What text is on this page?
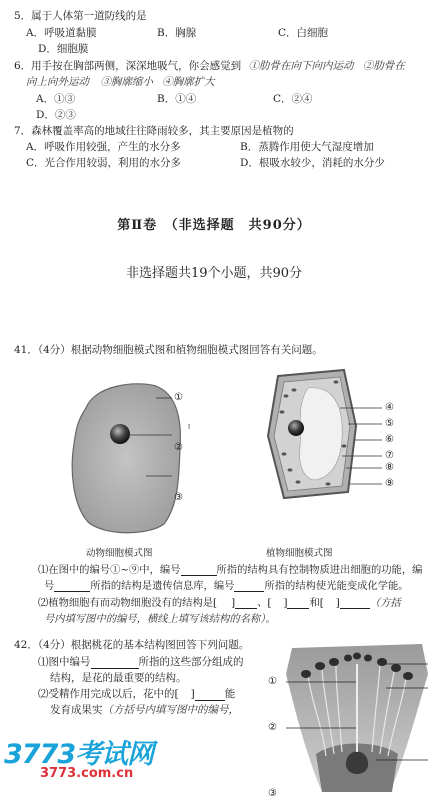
5．属于人体第一道防线的是
A．呼吸道黏膜	B．胸腺	C．白细胞
D．细胞膜
6．用手按在胸部两侧，深深地吸气，你会感觉到 ①肋骨在向下向内运动 ②肋骨在
向上向外运动 ③胸廓缩小 ④胸廓扩大
A．①③	B．①④	C．②④
D．②③
7．森林覆盖率高的地域往往降雨较多，其主要原因是植物的
A．呼吸作用较强，产生的水分多	B．蒸腾作用使大气湿度增加
C．光合作用较弱，利用的水分多	D．根吸水较少，消耗的水分少
第Ⅱ卷　（非选择题　共90分）
非选择题共19个小题，共90分
41．（4分）根据动物细胞模式图和植物细胞模式图回答有关问题。
①
②
③
ˡ
④
⑤
⑥
⑦
⑧
⑨
动物细胞模式图	植物细胞模式图
⑴在图中的编号①~⑨中，编号	所指的结构具有控制物质进出细胞的功能，编
号	所指的结构是遗传信息库，编号	所指的结构使光能变成化学能。
⑵植物细胞有而动物细胞没有的结构是[ ] 、[ ] 和[ ]	（方括
号内填写图中的编号，横线上填写该结构的名称）。
42．（4分）根据桃花的基本结构图回答下列问题。
⑴图中编号	所指的这些部分组成的
结构，是花的最重要的结构。
⑵受精作用完成以后，花中的[ ]	能
发育成果实（方括号内填写图中的编号，
①
②
③
3773考试网
3773.com.cn
